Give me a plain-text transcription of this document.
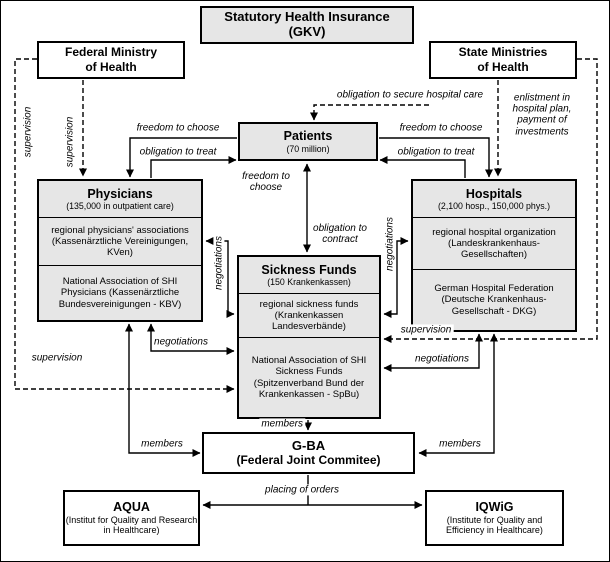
Statutory Health Insurance
(GKV)
Federal Ministry
of Health
State Ministries
of Health
Patients
(70 million)
Physicians
(135,000 in outpatient care)
regional physicians' associations (Kassenärztliche Vereinigungen, KVen)
National Association of SHI Physicians (Kassenärztliche Bundesvereinigungen - KBV)
Hospitals
(2,100 hosp., 150,000 phys.)
regional hospital organization (Landeskrankenhaus-Gesellschaften)
German Hospital Federation (Deutsche Krankenhaus-Gesellschaft - DKG)
Sickness Funds
(150 Krankenkassen)
regional sickness funds (Krankenkassen Landesverbände)
National Association of SHI Sickness Funds (Spitzenverband Bund der Krankenkassen - SpBu)
G-BA
(Federal Joint Commitee)
AQUA
(Institut for Quality and Research in Healthcare)
IQWiG
(Institute for Quality and Efficiency in Healthcare)
supervision	supervision
obligation to secure hospital care	enlistment in hospital plan, payment of investments
freedom to choose
obligation to treat
freedom to choose
obligation to treat
freedom to choose
obligation to contract
negotiations	negotiations
negotiations
supervision
supervision
negotiations
members
members
members
placing of orders
